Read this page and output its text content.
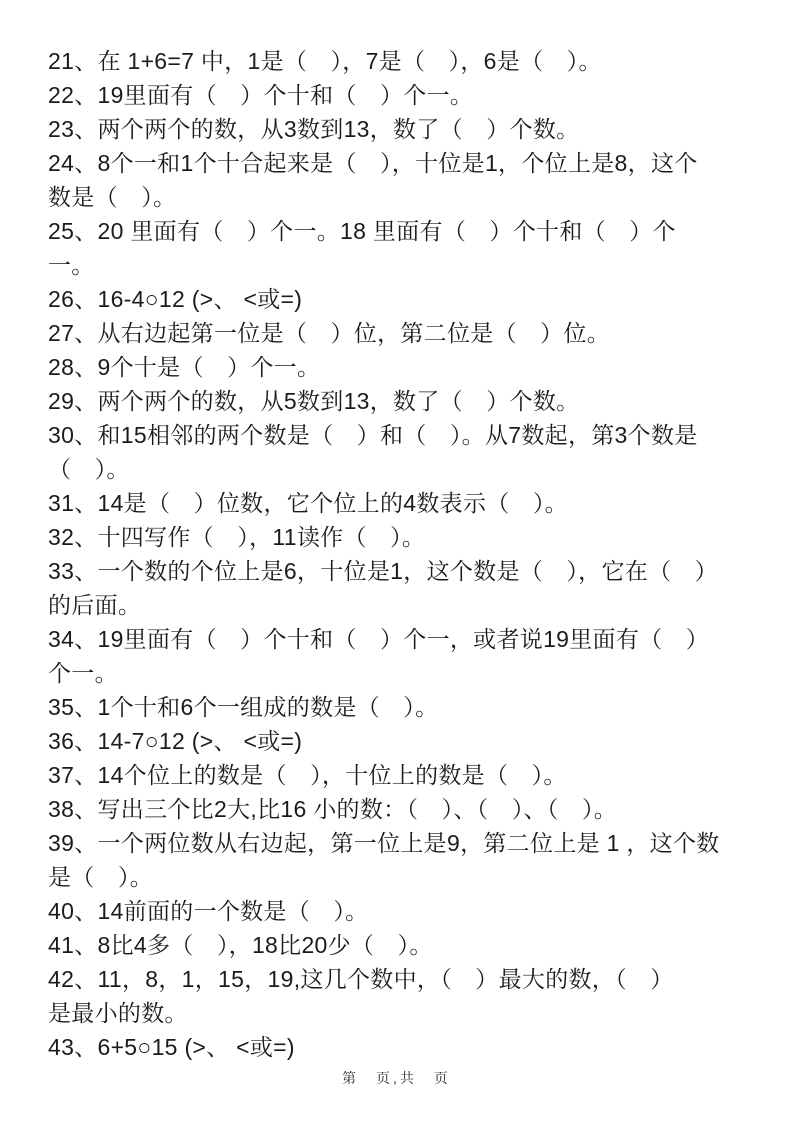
21、在 1+6=7 中，1是（　），7是（　），6是（　）。
22、19里面有（　）个十和（　）个一。
23、两个两个的数，从3数到13，数了（　）个数。
24、8个一和1个十合起来是（　），十位是1，个位上是8，这个
数是（　）。
25、20 里面有（　）个一。18 里面有（　）个十和（　）个
一。
26、16-4○12 (>、 <或=)
27、从右边起第一位是（　）位，第二位是（　）位。
28、9个十是（　）个一。
29、两个两个的数，从5数到13，数了（　）个数。
30、和15相邻的两个数是（　）和（　）。从7数起，第3个数是
（　）。
31、14是（　）位数，它个位上的4数表示（　）。
32、十四写作（　），11读作（　）。
33、一个数的个位上是6，十位是1，这个数是（　），它在（　）
的后面。
34、19里面有（　）个十和（　）个一，或者说19里面有（　）
个一。
35、1个十和6个一组成的数是（　）。
36、14-7○12 (>、 <或=)
37、14个位上的数是（　），十位上的数是（　）。
38、写出三个比2大,比16 小的数：（　）、（　）、（　）。
39、一个两位数从右边起，第一位上是9，第二位上是 1 ，这个数
是（　）。
40、14前面的一个数是（　）。
41、8比4多（　），18比20少（　）。
42、11，8，1，15，19,这几个数中，（　）最大的数，（　）
是最小的数。
43、6+5○15 (>、 <或=)
第　页,共　页
